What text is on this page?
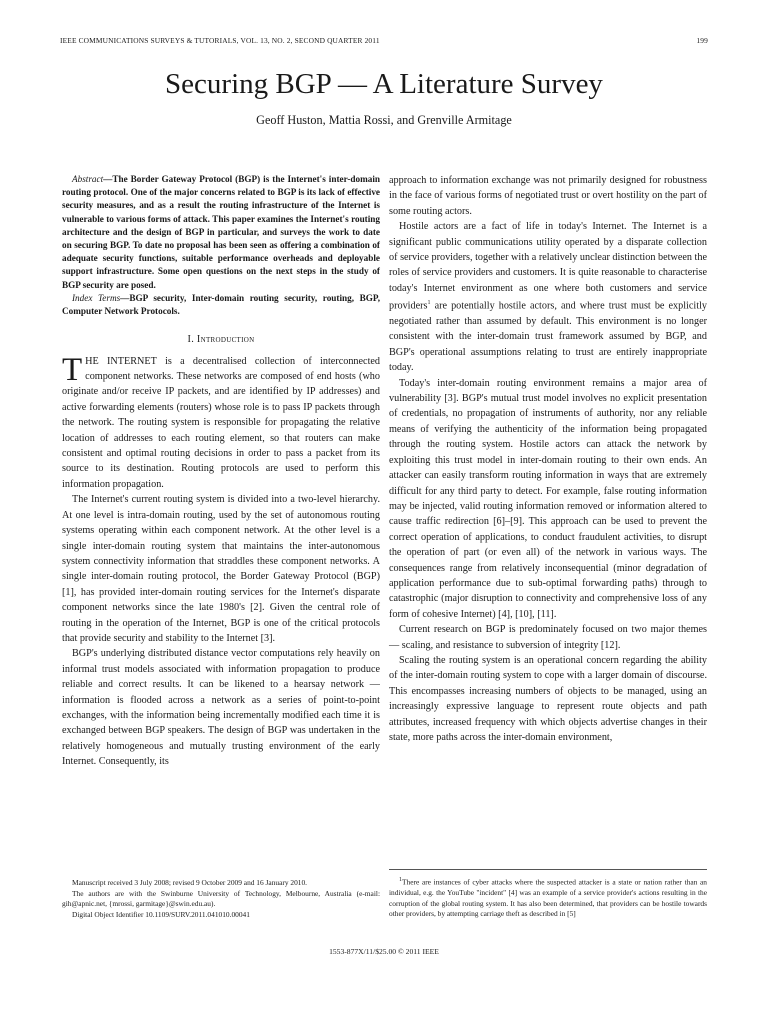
IEEE COMMUNICATIONS SURVEYS & TUTORIALS, VOL. 13, NO. 2, SECOND QUARTER 2011	199
Securing BGP — A Literature Survey
Geoff Huston, Mattia Rossi, and Grenville Armitage

Abstract—The Border Gateway Protocol (BGP) is the Internet's inter-domain routing protocol. One of the major concerns related to BGP is its lack of effective security measures, and as a result the routing infrastructure of the Internet is vulnerable to various forms of attack. This paper examines the Internet's routing architecture and the design of BGP in particular, and surveys the work to date on securing BGP. To date no proposal has been seen as offering a combination of adequate security functions, suitable performance overheads and deployable support infrastructure. Some open questions on the next steps in the study of BGP security are posed.

Index Terms—BGP security, Inter-domain routing security, routing, BGP, Computer Network Protocols.

I. Introduction

THE INTERNET is a decentralised collection of interconnected component networks. These networks are composed of end hosts (who originate and/or receive IP packets, and are identified by IP addresses) and active forwarding elements (routers) whose role is to pass IP packets through the network. The routing system is responsible for propagating the relative location of addresses to each routing element, so that routers can make consistent and optimal routing decisions in order to pass a packet from its source to its destination. Routing protocols are used to perform this information propagation.

The Internet's current routing system is divided into a two-level hierarchy. At one level is intra-domain routing, used by the set of autonomous routing systems operating within each component network. At the other level is a single inter-domain routing system that maintains the inter-autonomous system connectivity information that straddles these component networks. A single inter-domain routing protocol, the Border Gateway Protocol (BGP) [1], has provided inter-domain routing services for the Internet's disparate component networks since the late 1980's [2]. Given the central role of routing in the operation of the Internet, BGP is one of the critical protocols that provide security and stability to the Internet [3].

BGP's underlying distributed distance vector computations rely heavily on informal trust models associated with information propagation to produce reliable and correct results. It can be likened to a hearsay network — information is flooded across a network as a series of point-to-point exchanges, with the information being incrementally modified each time it is exchanged between BGP speakers. The design of BGP was undertaken in the relatively homogeneous and mutually trusting environment of the early Internet. Consequently, its

approach to information exchange was not primarily designed for robustness in the face of various forms of negotiated trust or overt hostility on the part of some routing actors.

Hostile actors are a fact of life in today's Internet. The Internet is a significant public communications utility operated by a disparate collection of service providers, together with a relatively unclear distinction between the roles of service providers and customers. It is quite reasonable to characterise today's Internet environment as one where both customers and service providers$^1$ are potentially hostile actors, and where trust must be explicitly negotiated rather than assumed by default. This environment is no longer consistent with the inter-domain trust framework assumed by BGP, and BGP's operational assumptions relating to trust are entirely inappropriate today.

Today's inter-domain routing environment remains a major area of vulnerability [3]. BGP's mutual trust model involves no explicit presentation of credentials, no propagation of instruments of authority, nor any reliable means of verifying the authenticity of the information being propagated through the routing system. Hostile actors can attack the network by exploiting this trust model in inter-domain routing to their own ends. An attacker can easily transform routing information in ways that are extremely difficult for any third party to detect. For example, false routing information may be injected, valid routing information removed or information altered to cause traffic redirection [6]–[9]. This approach can be used to prevent the correct operation of applications, to conduct fraudulent activities, to disrupt the operation of part (or even all) of the network in various ways. The consequences range from relatively inconsequential (minor degradation of application performance due to sub-optimal forwarding paths) through to catastrophic (major disruption to connectivity and comprehensive loss of any form of cohesive Internet) [4], [10], [11].

Current research on BGP is predominately focused on two major themes — scaling, and resistance to subversion of integrity [12].

Scaling the routing system is an operational concern regarding the ability of the inter-domain routing system to cope with a larger domain of discourse. This encompasses increasing numbers of objects to be managed, using an increasingly expressive language to represent route objects and path attributes, increased frequency with which objects advertise changes in their state, more paths across the inter-domain environment,

Manuscript received 3 July 2008; revised 9 October 2009 and 16 January 2010.

The authors are with the Swinburne University of Technology, Melbourne, Australia (e-mail: gih@apnic.net, {mrossi, garmitage}@swin.edu.au).

Digital Object Identifier 10.1109/SURV.2011.041010.00041

$^1$There are instances of cyber attacks where the suspected attacker is a state or nation rather than an individual, e.g. the YouTube "incident" [4] was an example of a service provider's actions resulting in the corruption of the global routing system. It has also been determined, that providers can be hostile towards other providers, by attempting carriage theft as described in [5]

1553-877X/11/$25.00 © 2011 IEEE
